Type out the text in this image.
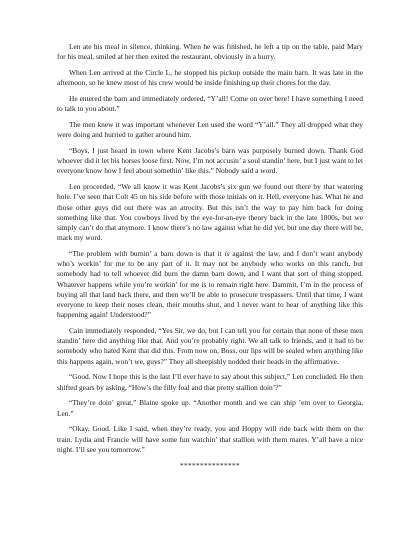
Len ate his meal in silence, thinking. When he was finished, he left a tip on the table, paid Mary for his meal, smiled at her then exited the restaurant, obviously in a hurry.

When Len arrived at the Circle L, he stopped his pickup outside the main barn. It was late in the afternoon, so he knew most of his crew would be inside finishing up their chores for the day.

He entered the barn and immediately ordered, “Y’all! Come on over here! I have something I need to talk to you about.”

The men knew it was important whenever Len used the word “Y’all.” They all dropped what they were doing and hurried to gather around him.

“Boys, I just heard in town where Kent Jacobs’s barn was purposely burned down. Thank God whoever did it let his horses loose first. Now, I’m not accusin’ a soul standin’ here, but I just want to let everyone know how I feel about somethin’ like this.” Nobody said a word.

Len proceeded, “We all know it was Kent Jacobs’s six gun we found out there by that watering hole. I’ve seen that Colt 45 on his side before with those initials on it. Hell, everyone has. What he and those other guys did out there was an atrocity. But this isn’t the way to pay him back for doing something like that. You cowboys lived by the eye-for-an-eye theory back in the late 1800s, but we simply can’t do that anymore. I know there’s no law against what he did yet, but one day there will be, mark my word.

“The problem with burnin’ a barn down is that it is against the law, and I don’t want anybody who’s workin’ for me to be any part of it. It may not be anybody who works on this ranch, but somebody had to tell whoever did burn the damn barn down, and I want that sort of thing stopped. Whatever happens while you’re workin’ for me is to remain right here. Dammit, I’m in the process of buying all that land back there, and then we’ll be able to prosecute trespassers. Until that time, I want everyone to keep their noses clean, their mouths shut, and I never want to hear of anything like this happening again! Understood?”

Cain immediately responded, “Yes Sir, we do, but I can tell you for certain that none of these men standin’ here did anything like that. And you’re probably right. We all talk to friends, and it had to be somebody who hated Kent that did this. From now on, Boss, our lips will be sealed when anything like this happens again, won’t we, guys?” They all sheepishly nodded their heads in the affirmative.

“Good. Now I hope this is the last I’ll ever have to say about this subject,” Len concluded. He then shifted gears by asking, “How’s the filly foal and that pretty stallion doin’?”

“They’re doin’ great,” Blaine spoke up. “Another month and we can ship ’em over to Georgia, Len.”

“Okay. Good. Like I said, when they’re ready, you and Hoppy will ride back with them on the train. Lydia and Francie will have some fun watchin’ that stallion with them mares. Y’all have a nice night. I’ll see you tomorrow.”

***************
